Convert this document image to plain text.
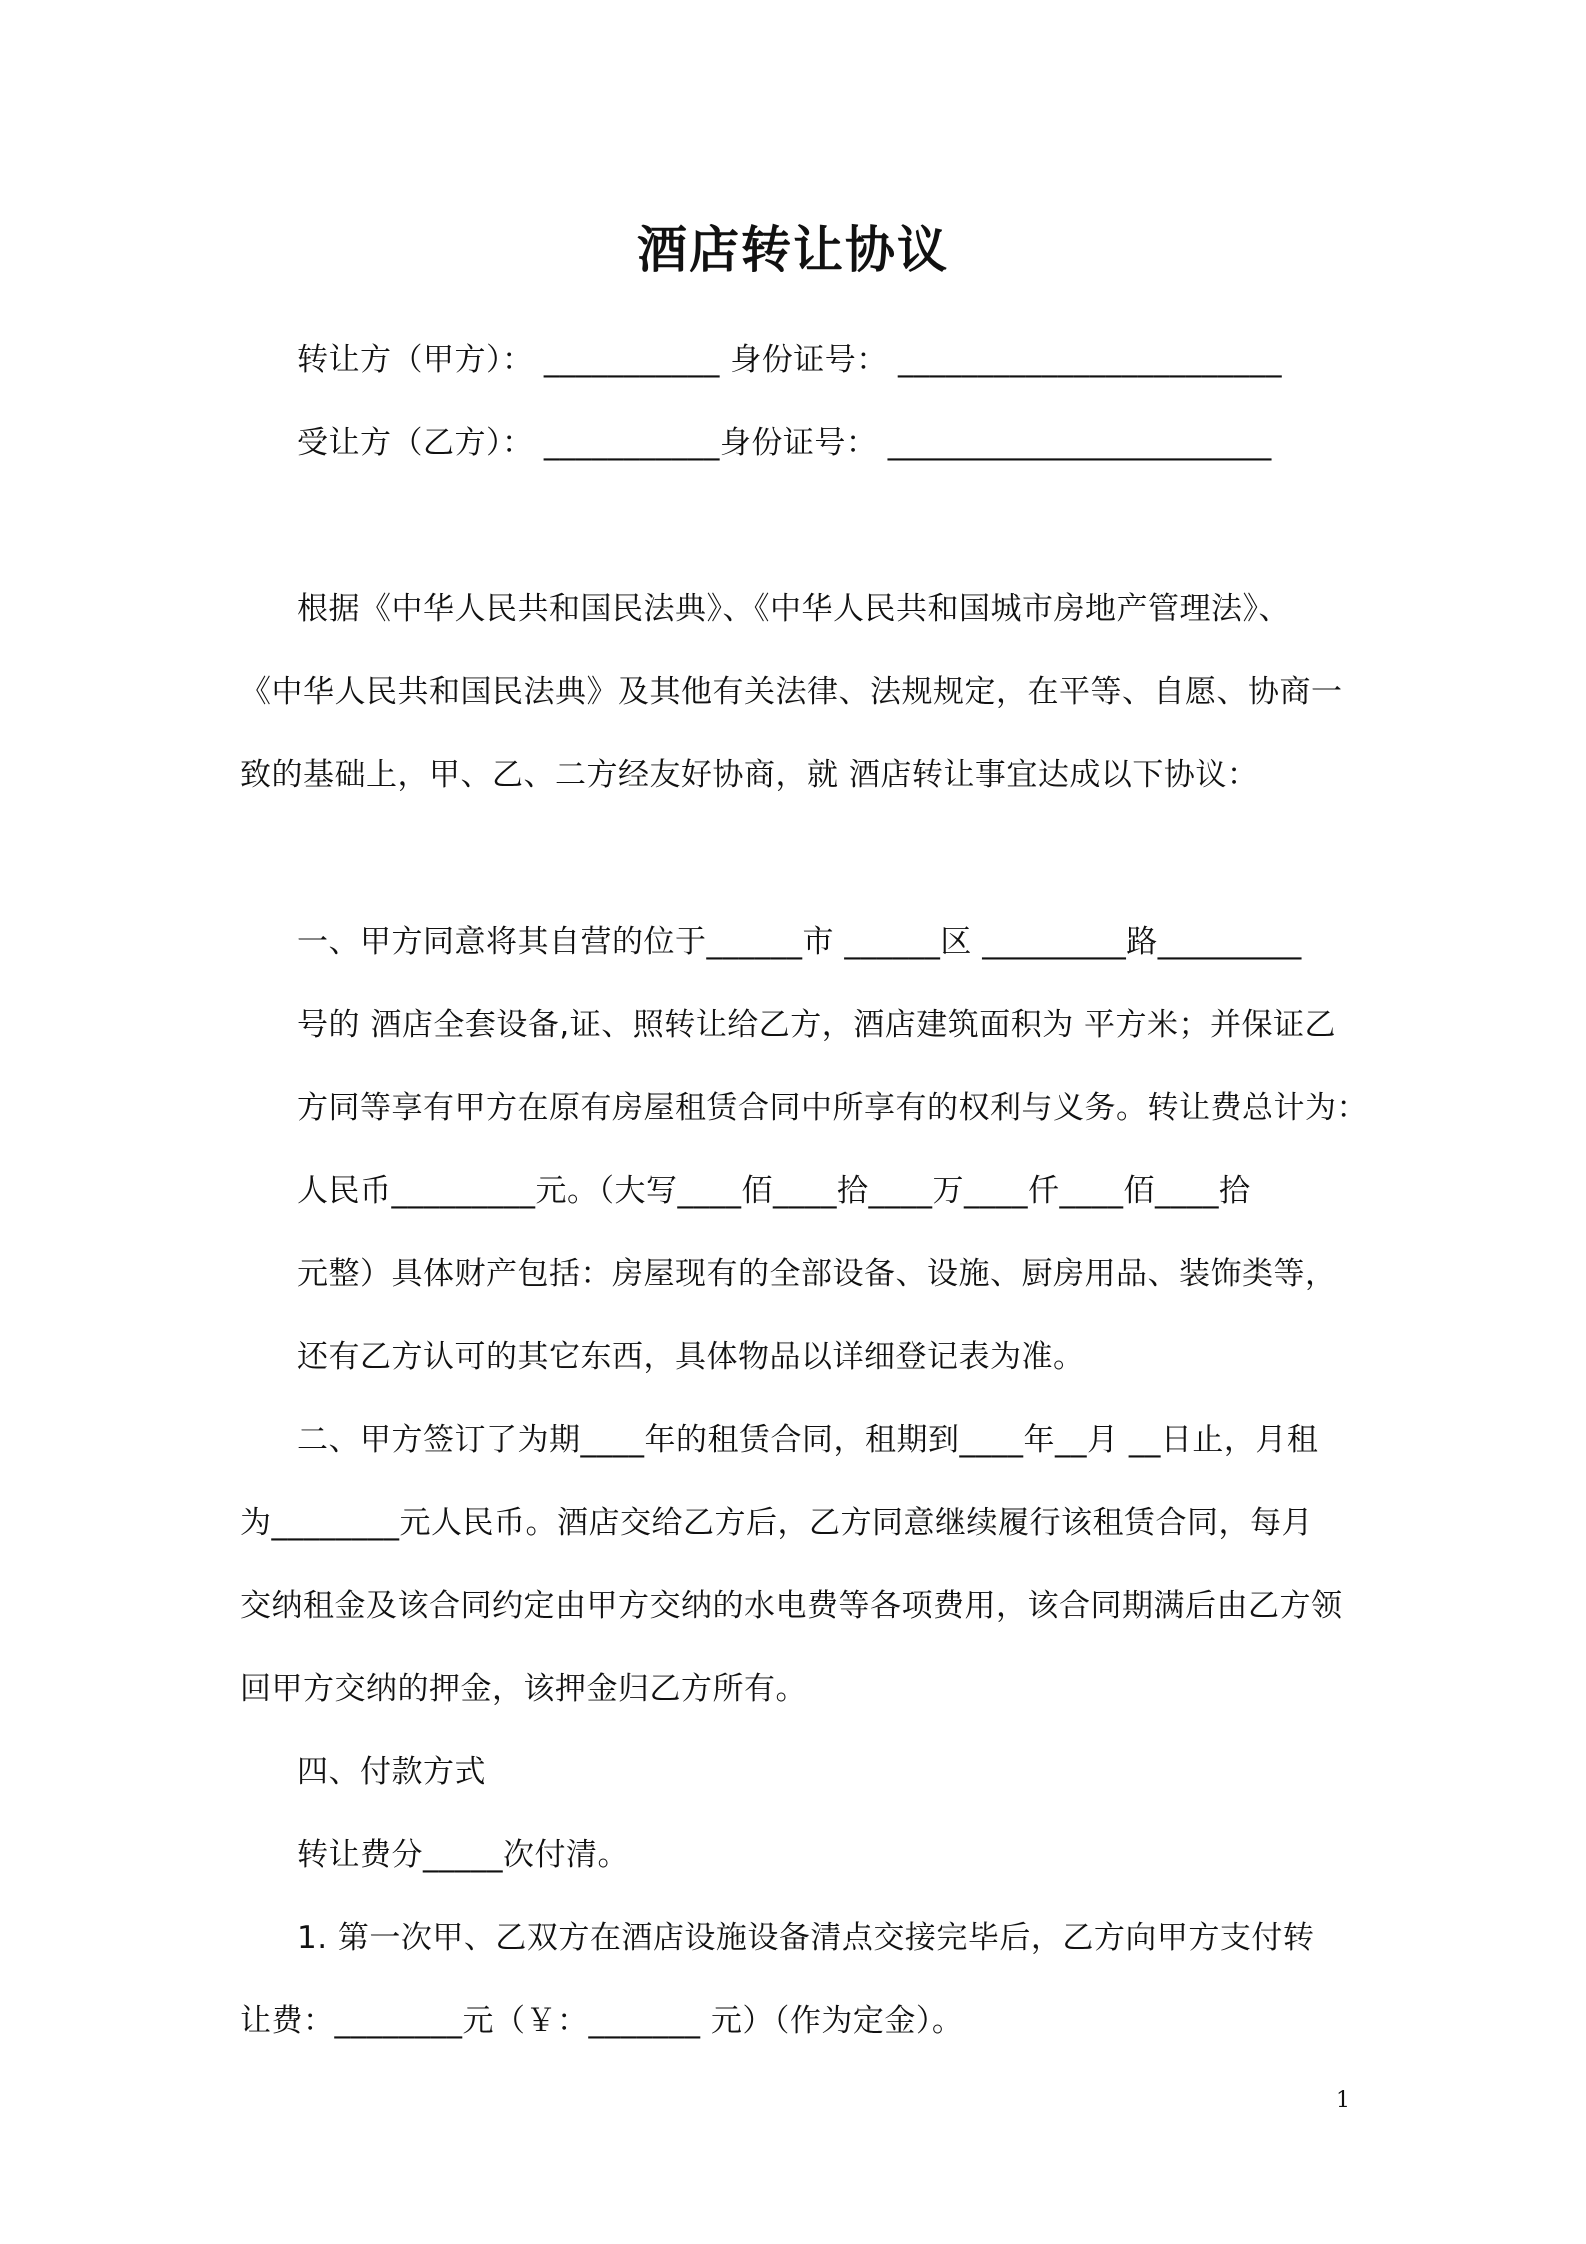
酒店转让协议
转让方（甲方）： ___________ 身份证号： ________________________
受让方（乙方）： ___________身份证号： ________________________
根据《中华人民共和国民法典》、《中华人民共和国城市房地产管理法》、
《中华人民共和国民法典》及其他有关法律、法规规定，在平等、自愿、协商一
致的基础上，甲、乙、二方经友好协商，就 酒店转让事宜达成以下协议：
一、甲方同意将其自营的位于______市 ______区 _________路_________
号的 酒店全套设备,证、照转让给乙方，酒店建筑面积为 平方米；并保证乙
方同等享有甲方在原有房屋租赁合同中所享有的权利与义务。转让费总计为：
人民币_________元。（大写____佰____拾____万____仟____佰____拾
元整）具体财产包括：房屋现有的全部设备、设施、厨房用品、装饰类等，
还有乙方认可的其它东西，具体物品以详细登记表为准。
二、甲方签订了为期____年的租赁合同，租期到____年__月 __日止，月租
为________元人民币。酒店交给乙方后，乙方同意继续履行该租赁合同，每月
交纳租金及该合同约定由甲方交纳的水电费等各项费用，该合同期满后由乙方领
回甲方交纳的押金，该押金归乙方所有。
四、付款方式
转让费分_____次付清。
1. 第一次甲、乙双方在酒店设施设备清点交接完毕后，乙方向甲方支付转
让费：________元（￥：_______ 元）（作为定金）。
1
